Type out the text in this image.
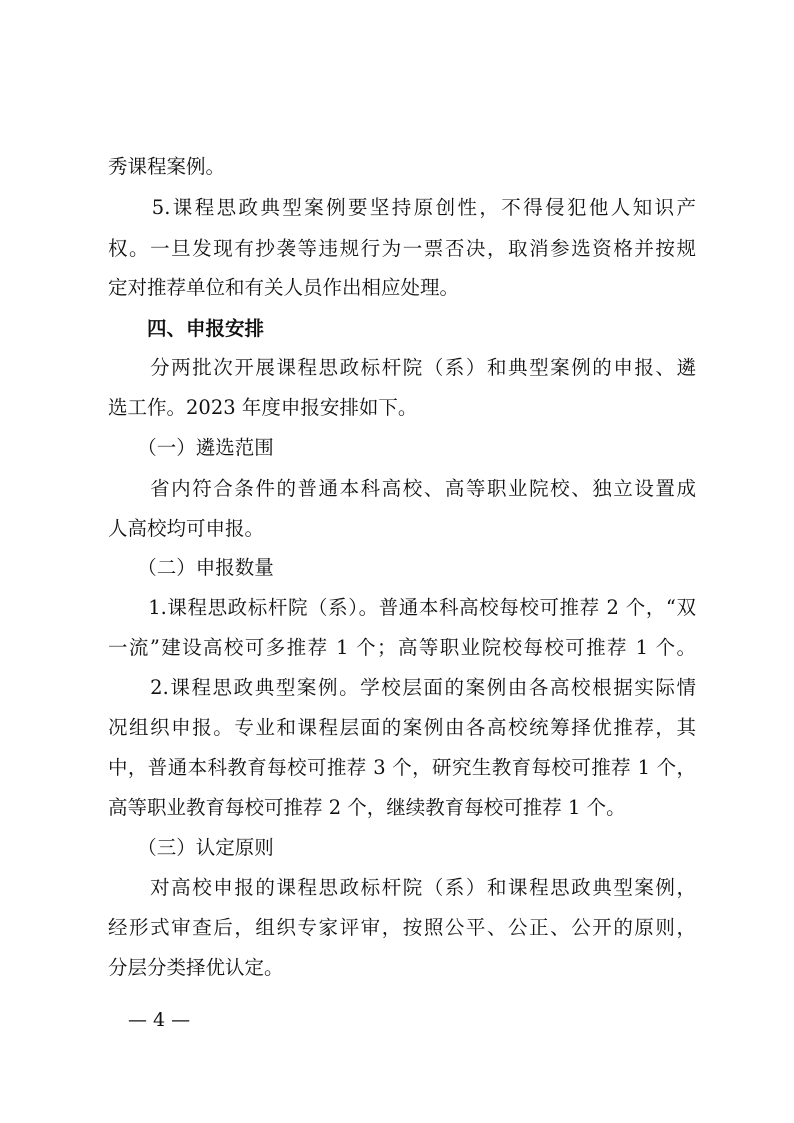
秀课程案例。
　　5.课程思政典型案例要坚持原创性，不得侵犯他人知识产
权。一旦发现有抄袭等违规行为一票否决，取消参选资格并按规
定对推荐单位和有关人员作出相应处理。
　　四、申报安排
　　分两批次开展课程思政标杆院（系）和典型案例的申报、遴
选工作。2023 年度申报安排如下。
　　（一）遴选范围
　　省内符合条件的普通本科高校、高等职业院校、独立设置成
人高校均可申报。
　　（二）申报数量
　　1.课程思政标杆院（系）。普通本科高校每校可推荐 2 个，“双
一流”建设高校可多推荐 1 个；高等职业院校每校可推荐 1 个。
　　2.课程思政典型案例。学校层面的案例由各高校根据实际情
况组织申报。专业和课程层面的案例由各高校统筹择优推荐，其
中，普通本科教育每校可推荐 3 个，研究生教育每校可推荐 1 个，
高等职业教育每校可推荐 2 个，继续教育每校可推荐 1 个。
　　（三）认定原则
　　对高校申报的课程思政标杆院（系）和课程思政典型案例，
经形式审查后，组织专家评审，按照公平、公正、公开的原则，
分层分类择优认定。
— 4 —
